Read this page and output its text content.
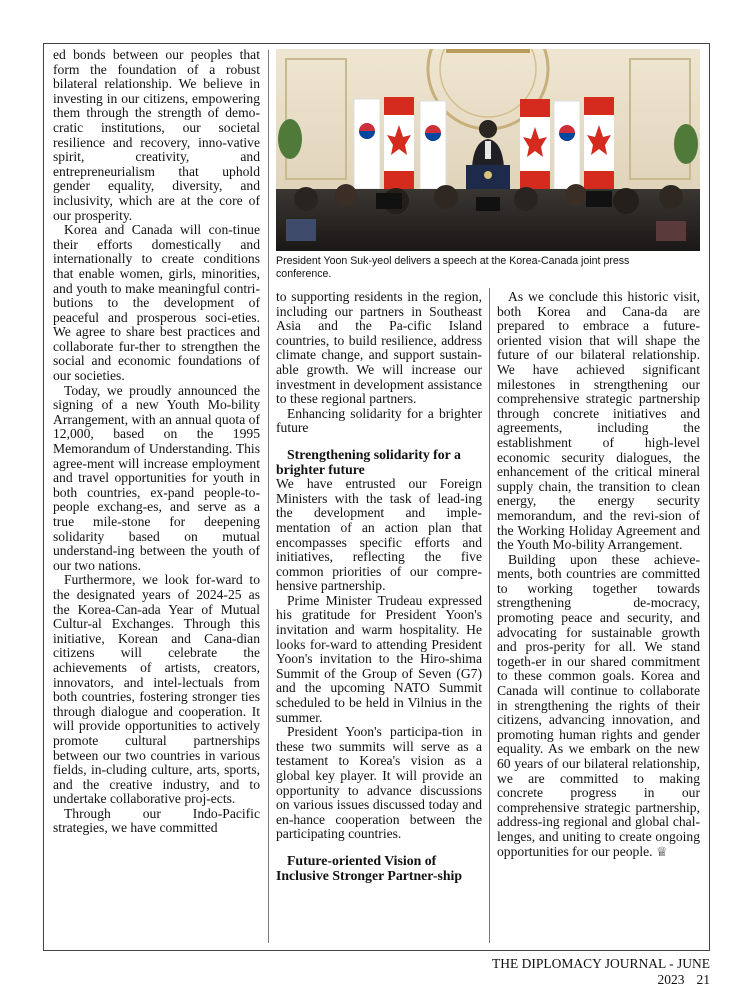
ed bonds between our peoples that form the foundation of a robust bilateral relationship. We believe in investing in our citizens, empowering them through the strength of demo-cratic institutions, our societal resilience and recovery, inno-vative spirit, creativity, and entrepreneurialism that uphold gender equality, diversity, and inclusivity, which are at the core of our prosperity.

Korea and Canada will con-tinue their efforts domestically and internationally to create conditions that enable women, girls, minorities, and youth to make meaningful contri-butions to the development of peaceful and prosperous soci-eties. We agree to share best practices and collaborate fur-ther to strengthen the social and economic foundations of our societies.

Today, we proudly announced the signing of a new Youth Mo-bility Arrangement, with an annual quota of 12,000, based on the 1995 Memorandum of Understanding. This agree-ment will increase employment and travel opportunities for youth in both countries, ex-pand people-to-people exchang-es, and serve as a true mile-stone for deepening solidarity based on mutual understand-ing between the youth of our two nations.

Furthermore, we look for-ward to the designated years of 2024-25 as the Korea-Can-ada Year of Mutual Cultur-al Exchanges. Through this initiative, Korean and Cana-dian citizens will celebrate the achievements of artists, creators, innovators, and intel-lectuals from both countries, fostering stronger ties through dialogue and cooperation. It will provide opportunities to actively promote cultural partnerships between our two countries in various fields, in-cluding culture, arts, sports, and the creative industry, and to undertake collaborative proj-ects.

Through our Indo-Pacific strategies, we have committed

President Yoon Suk-yeol delivers a speech at the Korea-Canada joint press
conference.

to supporting residents in the region, including our partners in Southeast Asia and the Pa-cific Island countries, to build resilience, address climate change, and support sustain-able growth. We will increase our investment in development assistance to these regional partners.

Enhancing solidarity for a brighter future

Strengthening solidarity for a brighter future

We have entrusted our Foreign Ministers with the task of lead-ing the development and imple-mentation of an action plan that encompasses specific efforts and initiatives, reflecting the five common priorities of our compre-hensive partnership.

Prime Minister Trudeau expressed his gratitude for President Yoon's invitation and warm hospitality. He looks for-ward to attending President Yoon's invitation to the Hiro-shima Summit of the Group of Seven (G7) and the upcoming NATO Summit scheduled to be held in Vilnius in the summer.

President Yoon's participa-tion in these two summits will serve as a testament to Korea's vision as a global key player. It will provide an opportunity to advance discussions on various issues discussed today and en-hance cooperation between the participating countries.

Future-oriented Vision of Inclusive Stronger Partner-ship

As we conclude this historic visit, both Korea and Cana-da are prepared to embrace a future-oriented vision that will shape the future of our bilateral relationship. We have achieved significant milestones in strengthening our comprehensive strategic partnership through concrete initiatives and agreements, including the establishment of high-level economic security dialogues, the enhancement of the critical mineral supply chain, the transition to clean energy, the energy security memorandum, and the revi-sion of the Working Holiday Agreement and the Youth Mo-bility Arrangement.

Building upon these achieve-ments, both countries are committed to working together towards strengthening de-mocracy, promoting peace and security, and advocating for sustainable growth and pros-perity for all. We stand togeth-er in our shared commitment to these common goals. Korea and Canada will continue to collaborate in strengthening the rights of their citizens, advancing innovation, and promoting human rights and gender equality. As we embark on the new 60 years of our bilateral relationship, we are committed to making concrete progress in our comprehensive strategic partnership, address-ing regional and global chal-lenges, and uniting to create ongoing opportunities for our people. ♕

THE DIPLOMACY JOURNAL - JUNE 2023 21
